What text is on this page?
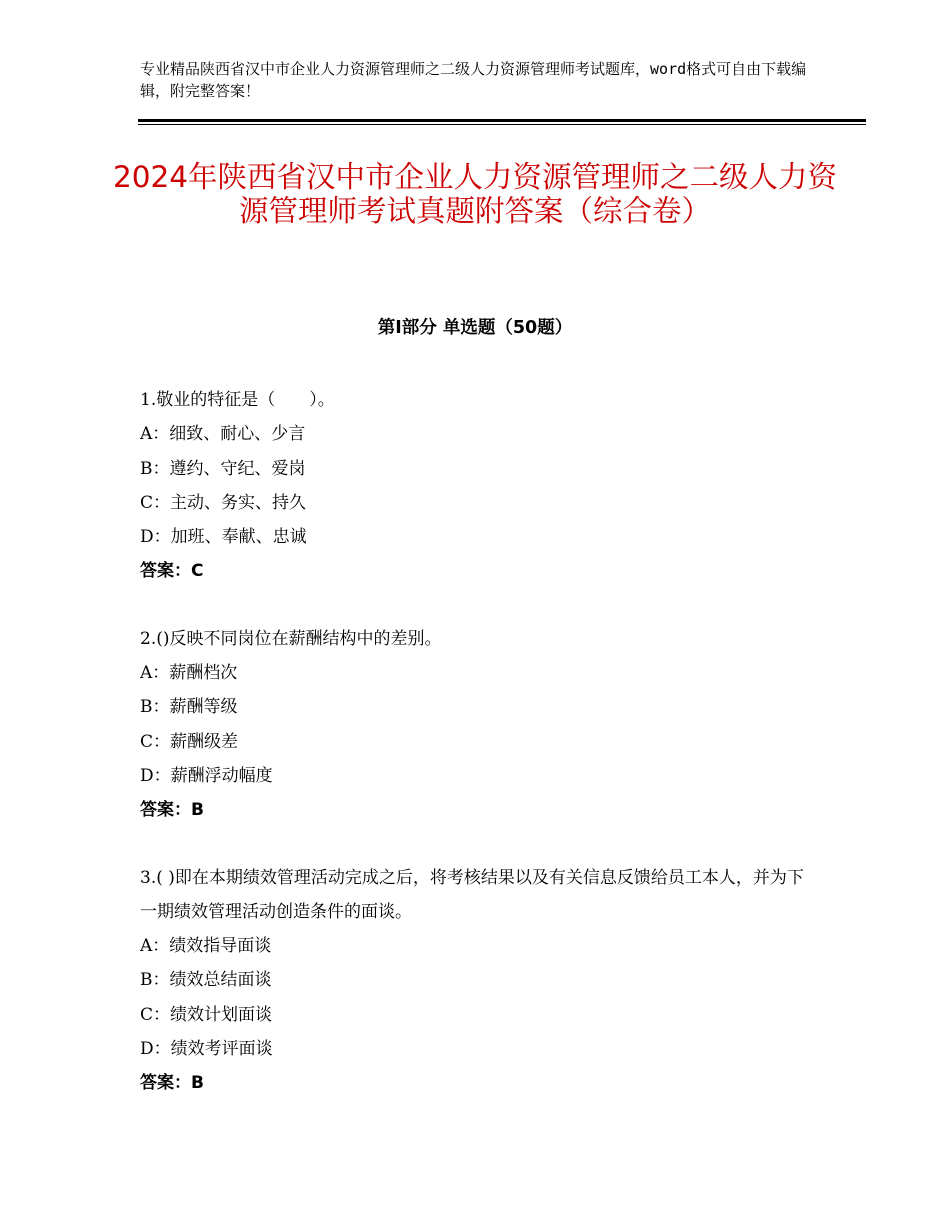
专业精品陕西省汉中市企业人力资源管理师之二级人力资源管理师考试题库，word格式可自由下载编辑，附完整答案！
2024年陕西省汉中市企业人力资源管理师之二级人力资源管理师考试真题附答案（综合卷）
第Ⅰ部分 单选题（50题）

1.敬业的特征是（　　）。

A：细致、耐心、少言

B：遵约、守纪、爱岗

C：主动、务实、持久

D：加班、奉献、忠诚

答案：C

2.()反映不同岗位在薪酬结构中的差别。

A：薪酬档次

B：薪酬等级

C：薪酬级差

D：薪酬浮动幅度

答案：B

3.( )即在本期绩效管理活动完成之后，将考核结果以及有关信息反馈给员工本人，并为下一期绩效管理活动创造条件的面谈。

A：绩效指导面谈

B：绩效总结面谈

C：绩效计划面谈

D：绩效考评面谈

答案：B
